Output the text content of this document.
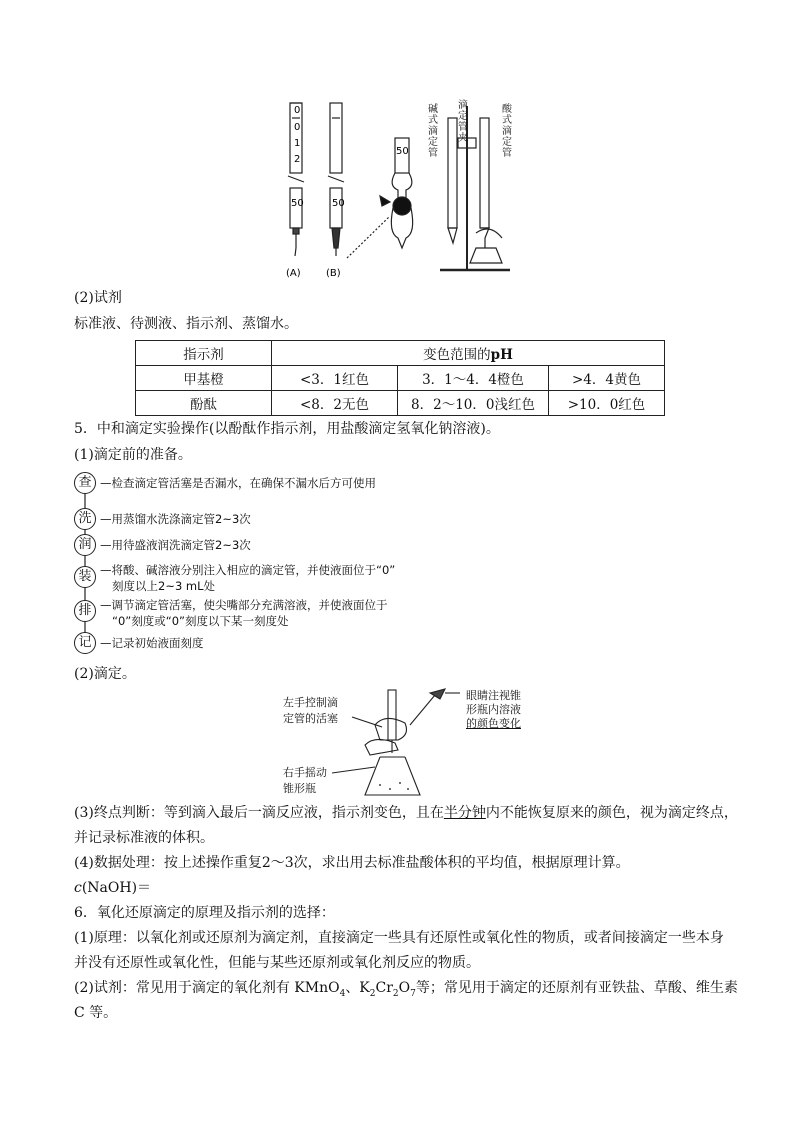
0
0
1
2
50	50
50
(A)	(B)
滴定管夹
碱式滴定管
酸式滴定管
(2)试剂
标准液、待测液、指示剂、蒸馏水。
指示剂	变色范围的pH		
甲基橙	<3．1红色	3．1～4．4橙色	>4．4黄色
酚酞	<8．2无色	8．2～10．0浅红色	>10．0红色
5．中和滴定实验操作(以酚酞作指示剂，用盐酸滴定氢氧化钠溶液)。
(1)滴定前的准备。
查 —检查滴定管活塞是否漏水，在确保不漏水后方可使用
洗 —用蒸馏水洗涤滴定管2~3次
润 —用待盛液润洗滴定管2~3次
装 —将酸、碱溶液分别注入相应的滴定管，并使液面位于“0”
刻度以上2~3 mL处
排 —调节滴定管活塞，使尖嘴部分充满溶液，并使液面位于
“0”刻度或“0”刻度以下某一刻度处
记 —记录初始液面刻度
(2)滴定。
左手控制滴
定管的活塞
右手摇动
锥形瓶
眼睛注视锥
形瓶内溶液
的颜色变化
(3)终点判断：等到滴入最后一滴反应液，指示剂变色，且在半分钟内不能恢复原来的颜色，视为滴定终点，
并记录标准液的体积。
(4)数据处理：按上述操作重复2～3次，求出用去标准盐酸体积的平均值，根据原理计算。
c(NaOH)＝
6．氧化还原滴定的原理及指示剂的选择：
(1)原理：以氧化剂或还原剂为滴定剂，直接滴定一些具有还原性或氧化性的物质，或者间接滴定一些本身
并没有还原性或氧化性，但能与某些还原剂或氧化剂反应的物质。
(2)试剂：常见用于滴定的氧化剂有 KMnO$_4$、$K_2Cr_2O_7$等；常见用于滴定的还原剂有亚铁盐、草酸、维生素
C 等。
